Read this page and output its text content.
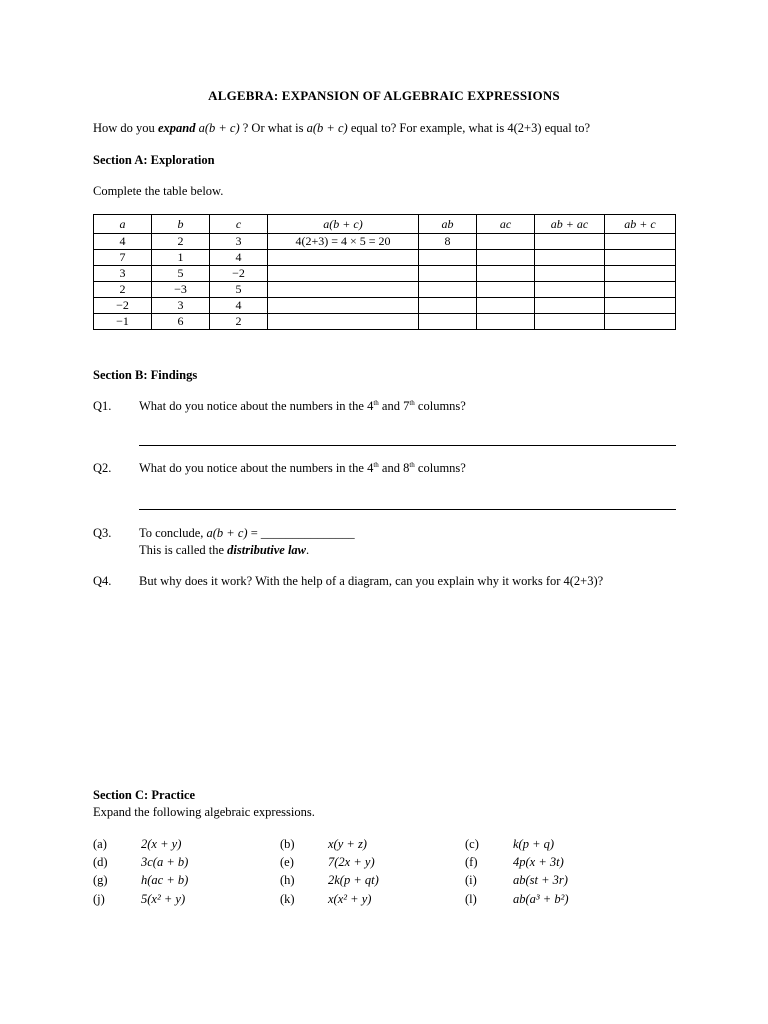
ALGEBRA: EXPANSION OF ALGEBRAIC EXPRESSIONS
How do you expand a(b + c) ? Or what is a(b + c) equal to? For example, what is 4(2+3) equal to?
Section A: Exploration
Complete the table below.
a	b	c	a(b + c)	ab	ac	ab + ac	ab + c
4	2	3	4(2+3) = 4 × 5 = 20	8			
7	1	4					
3	5	−2					
2	−3	5					
−2	3	4					
−1	6	2					
Section B: Findings
Q1. What do you notice about the numbers in the 4th and 7th columns?
Q2. What do you notice about the numbers in the 4th and 8th columns?
Q3. To conclude, a(b + c) = _______________
This is called the distributive law.
Q4. But why does it work? With the help of a diagram, can you explain why it works for 4(2+3)?
Section C: Practice
Expand the following algebraic expressions.
(a)	2(x + y)	(b)	x(y + z)	(c)	k(p + q)
(d)	3c(a + b)	(e)	7(2x + y)	(f)	4p(x + 3t)
(g)	h(ac + b)	(h)	2k(p + qt)	(i)	ab(st + 3r)
(j)	5(x² + y)	(k)	x(x² + y)	(l)	ab(a³ + b²)
